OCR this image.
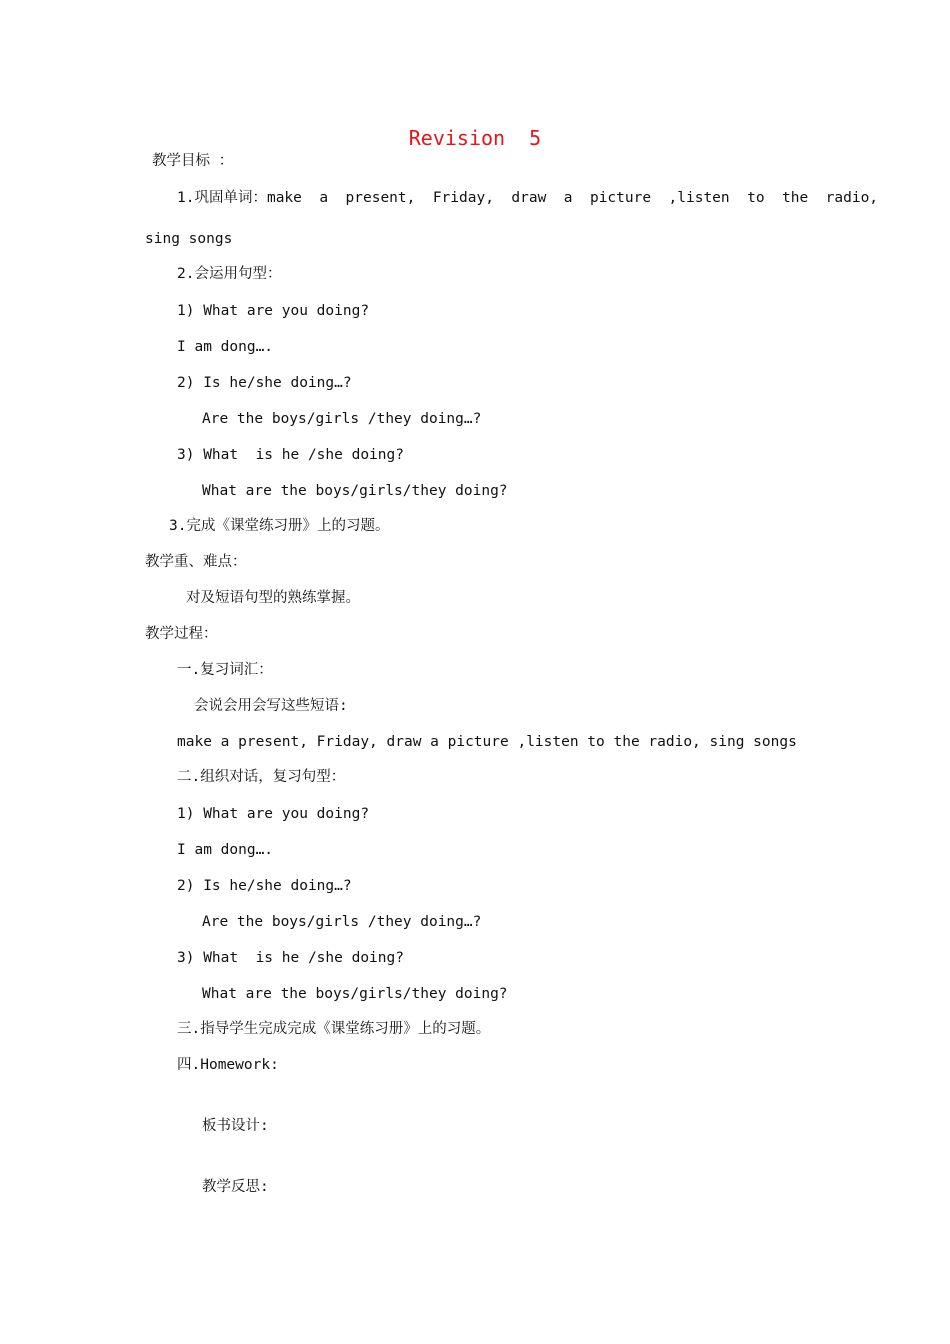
Revision  5
教学目标 ：
1.巩固单词：make  a  present,  Friday,  draw  a  picture  ,listen  to  the  radio,
sing songs
2.会运用句型：
1) What are you doing?
I am dong….
2) Is he/she doing…?
Are the boys/girls /they doing…?
3) What  is he /she doing?
What are the boys/girls/they doing?
3.完成《课堂练习册》上的习题。
教学重、难点：
对及短语句型的熟练掌握。
教学过程：
一.复习词汇：
会说会用会写这些短语:
make a present, Friday, draw a picture ,listen to the radio, sing songs
二.组织对话，复习句型：
1) What are you doing?
I am dong….
2) Is he/she doing…?
Are the boys/girls /they doing…?
3) What  is he /she doing?
What are the boys/girls/they doing?
三.指导学生完成完成《课堂练习册》上的习题。
四.Homework:
板书设计:
教学反思:
